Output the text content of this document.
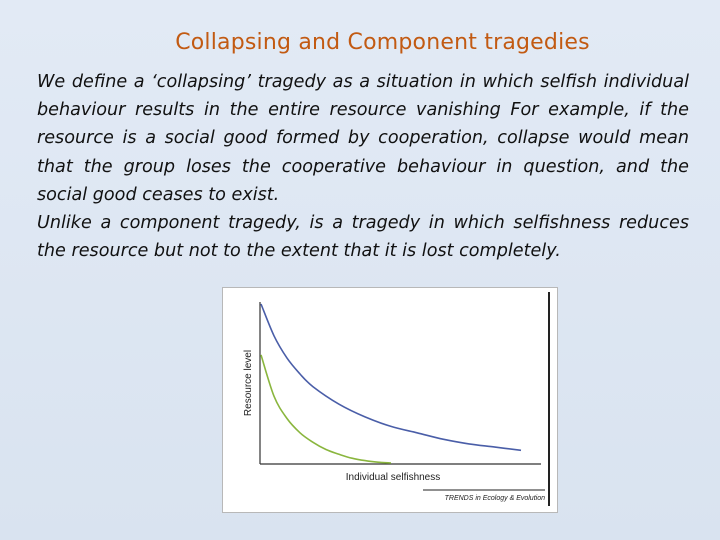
Collapsing and Component tragedies

We define a ‘collapsing’ tragedy as a situation in which selfish individual behaviour results in the entire resource vanishing For example, if the resource is a social good formed by cooperation, collapse would mean that the group loses the cooperative behaviour in question, and the social good ceases to exist.

Unlike a component tragedy, is a tragedy in which selfishness reduces the resource but not to the extent that it is lost completely.

Resource level
Individual selfishness
TRENDS in Ecology & Evolution
